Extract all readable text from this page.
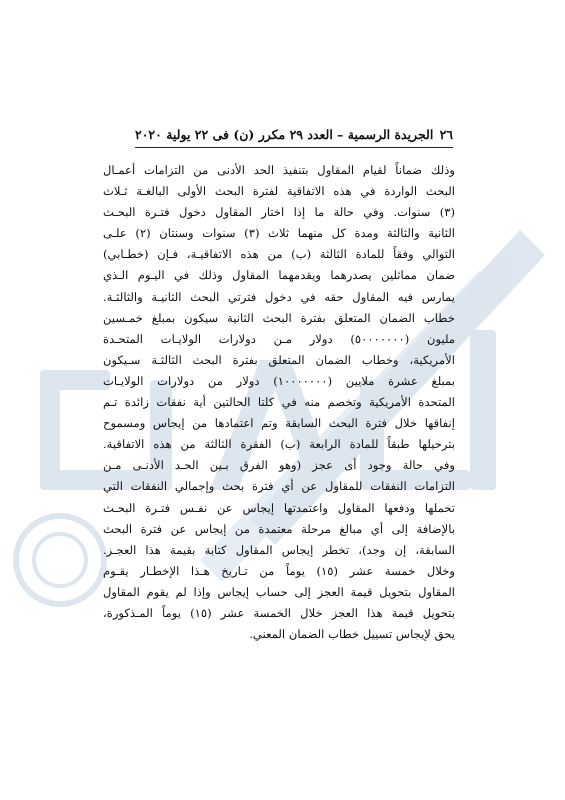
٢٦
الجريدة الرسمية – العدد ٢٩ مكرر (ن) فى ٢٢ يولية ٢٠٢٠
وذلك ضماناً لقيام المقاول بتنفيذ الحد الأدنى من التزامات أعمـال
البحث الواردة في هذه الاتفاقية لفترة البحث الأولى البالغـة ثـلاث
(٣) سنوات. وفي حالة ما إذا اختار المقاول دخول فتـرة البحـث
الثانية والثالثة ومدة كل منهما ثلاث (٣) سنوات وسنتان (٢) علـى
التوالي وفقاً للمادة الثالثة (ب) من هذه الاتفاقيـة، فـإن (خطـابي)
ضمان مماثلين يصدرهما ويقدمهما المقاول وذلك في اليـوم الـذي
يمارس فيه المقاول حقه في دخول فترتي البحث الثانيـة والثالثـة.
خطاب الضمان المتعلق بفترة البحث الثانية سيكون بمبلغ خمـسين
مليون (٥٠٠٠٠٠٠٠) دولار مـن دولارات الولايـات المتحـدة
الأمريكية، وخطاب الضمان المتعلق بفترة البحث الثالثـة سـيكون
بمبلغ عشرة ملايين (١٠٠٠٠٠٠٠) دولار من دولارات الولايـات
المتحدة الأمريكية وتخصم منه في كلتا الحالتين أية نفقات زائدة تـم
إنفاقها خلال فترة البحث السابقة وتم اعتمادها من إيجاس ومسموح
بترحيلها طبقاً للمادة الرابعة (ب) الفقرة الثالثة من هذه الاتفاقية.
وفي حالة وجود أى عجز (وهو الفرق بـين الحـد الأدنـى مـن
التزامات النفقات للمقاول عن أي فترة بحث وإجمالي النفقات التي
تحملها ودفعها المقاول واعتمدتها إيجاس عن نفـس فتـرة البحـث
بالإضافة إلى أي مبالغ مرحلة معتمدة من إيجاس عن فترة البحث
السابقة، إن وجد)، تخطر إيجاس المقاول كتابة بقيمة هذا العجـز.
وخلال خمسة عشر (١٥) يوماً من تـاريخ هـذا الإخطـار يقـوم
المقاول بتحويل قيمة العجز إلى حساب إيجاس وإذا لم يقوم المقاول
بتحويل قيمة هذا العجز خلال الخمسة عشر (١٥) يوماً المـذكورة،
يحق لإيجاس تسييل خطاب الضمان المعني.
